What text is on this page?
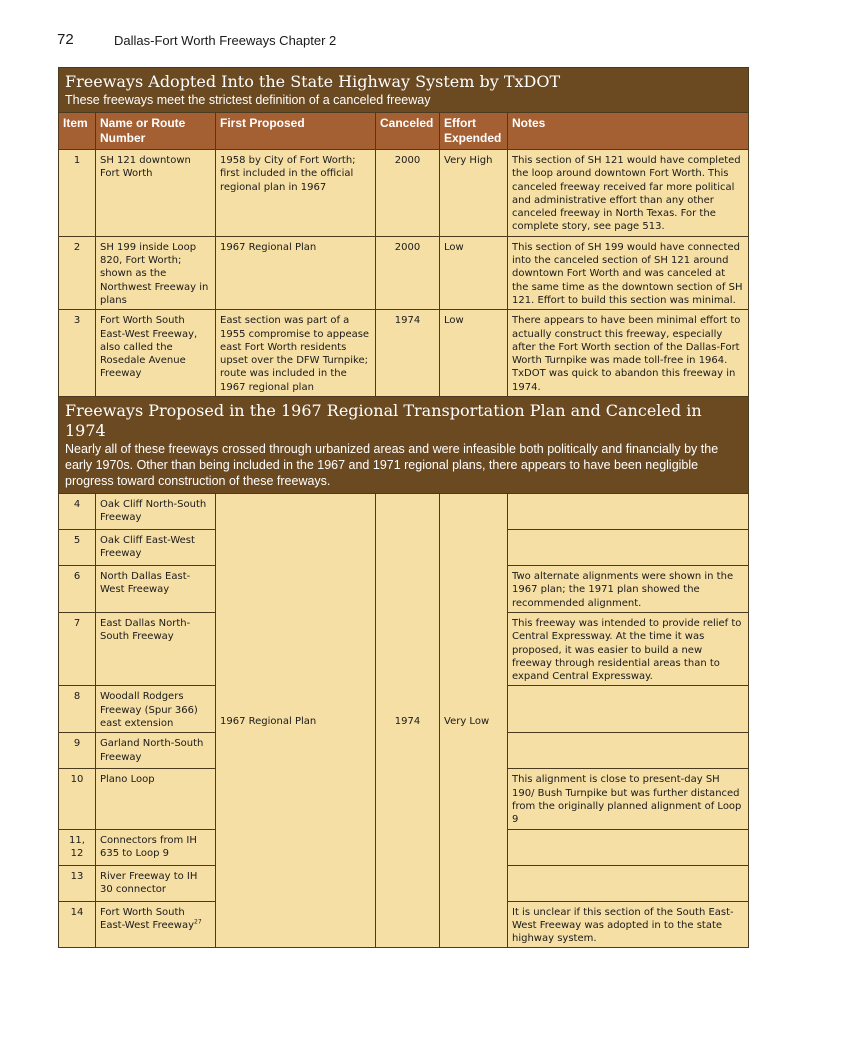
72	Dallas-Fort Worth Freeways Chapter 2
Freeways Adopted Into the State Highway System by TxDOT
These freeways meet the strictest definition of a canceled freeway					

Item	Name or Route Number	First Proposed	Canceled	Effort Expended	Notes
1	SH 121 downtown Fort Worth	1958 by City of Fort Worth; first included in the official regional plan in 1967	2000	Very High	This section of SH 121 would have completed the loop around downtown Fort Worth. This canceled freeway received far more political and administrative effort than any other canceled freeway in North Texas. For the complete story, see page 513.
2	SH 199 inside Loop 820, Fort Worth; shown as the Northwest Freeway in plans	1967 Regional Plan	2000	Low	This section of SH 199 would have connected into the canceled section of SH 121 around downtown Fort Worth and was canceled at the same time as the downtown section of SH 121. Effort to build this section was minimal.
3	Fort Worth South East-West Freeway, also called the Rosedale Avenue Freeway	East section was part of a 1955 compromise to appease east Fort Worth residents upset over the DFW Turnpike; route was included in the 1967 regional plan	1974	Low	There appears to have been minimal effort to actually construct this freeway, especially after the Fort Worth section of the Dallas-Fort Worth Turnpike was made toll-free in 1964. TxDOT was quick to abandon this freeway in 1974.

Freeways Proposed in the 1967 Regional Transportation Plan and Canceled in 1974
Nearly all of these freeways crossed through urbanized areas and were infeasible both politically and financially by the early 1970s. Other than being included in the 1967 and 1971 regional plans, there appears to have been negligible progress toward construction of these freeways.					

4	Oak Cliff North-South Freeway	1967 Regional Plan	1974	Very Low	
5	Oak Cliff East-West Freeway				
6	North Dallas East-West Freeway				Two alternate alignments were shown in the 1967 plan; the 1971 plan showed the recommended alignment.
7	East Dallas North-South Freeway				This freeway was intended to provide relief to Central Expressway. At the time it was proposed, it was easier to build a new freeway through residential areas than to expand Central Expressway.
8	Woodall Rodgers Freeway (Spur 366) east extension				
9	Garland North-South Freeway				
10	Plano Loop				This alignment is close to present-day SH 190/ Bush Turnpike but was further distanced from the originally planned alignment of Loop 9
11, 12	Connectors from IH 635 to Loop 9				
13	River Freeway to IH 30 connector				
14	Fort Worth South East-West Freeway$^{27}$				It is unclear if this section of the South East-West Freeway was adopted in to the state highway system.
